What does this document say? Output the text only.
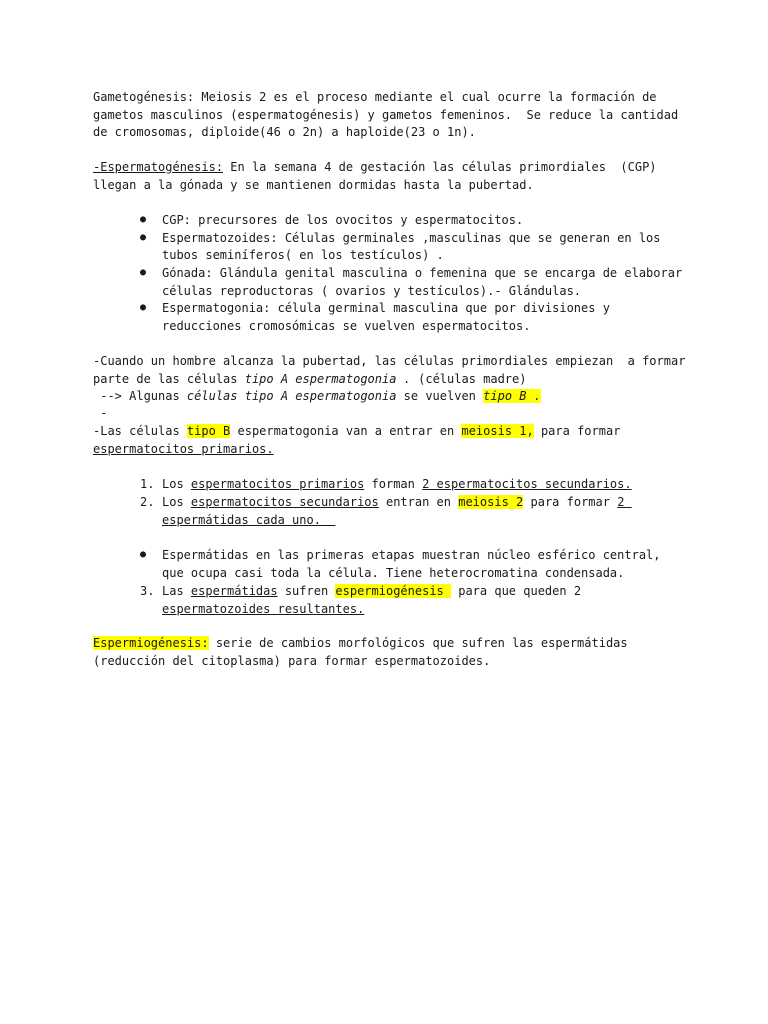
Gametogénesis: Meiosis 2 es el proceso mediante el cual ocurre la formación de
gametos masculinos (espermatogénesis) y gametos femeninos.  Se reduce la cantidad
de cromosomas, diploide(46 o 2n) a haploide(23 o 1n).
-Espermatogénesis: En la semana 4 de gestación las células primordiales  (CGP)
llegan a la gónada y se mantienen dormidas hasta la pubertad.
● CGP: precursores de los ovocitos y espermatocitos.
● Espermatozoides: Células germinales ,masculinas que se generan en los
tubos seminíferos( en los testículos) .
● Gónada: Glándula genital masculina o femenina que se encarga de elaborar
células reproductoras ( ovarios y testículos).- Glándulas.
● Espermatogonia: célula germinal masculina que por divisiones y
reducciones cromosómicas se vuelven espermatocitos.
-Cuando un hombre alcanza la pubertad, las células primordiales empiezan  a formar
parte de las células tipo A espermatogonia . (células madre)
--> Algunas células tipo A espermatogonia se vuelven tipo B .
-
-Las células tipo B espermatogonia van a entrar en meiosis 1, para formar
espermatocitos primarios.
1. Los espermatocitos primarios forman 2 espermatocitos secundarios.
2. Los espermatocitos secundarios entran en meiosis 2 para formar 2
espermátidas cada uno.
● Espermátidas en las primeras etapas muestran núcleo esférico central,
que ocupa casi toda la célula. Tiene heterocromatina condensada.
3. Las espermátidas sufren espermiogénesis  para que queden 2
espermatozoides resultantes.
Espermiogénesis: serie de cambios morfológicos que sufren las espermátidas
(reducción del citoplasma) para formar espermatozoides.
